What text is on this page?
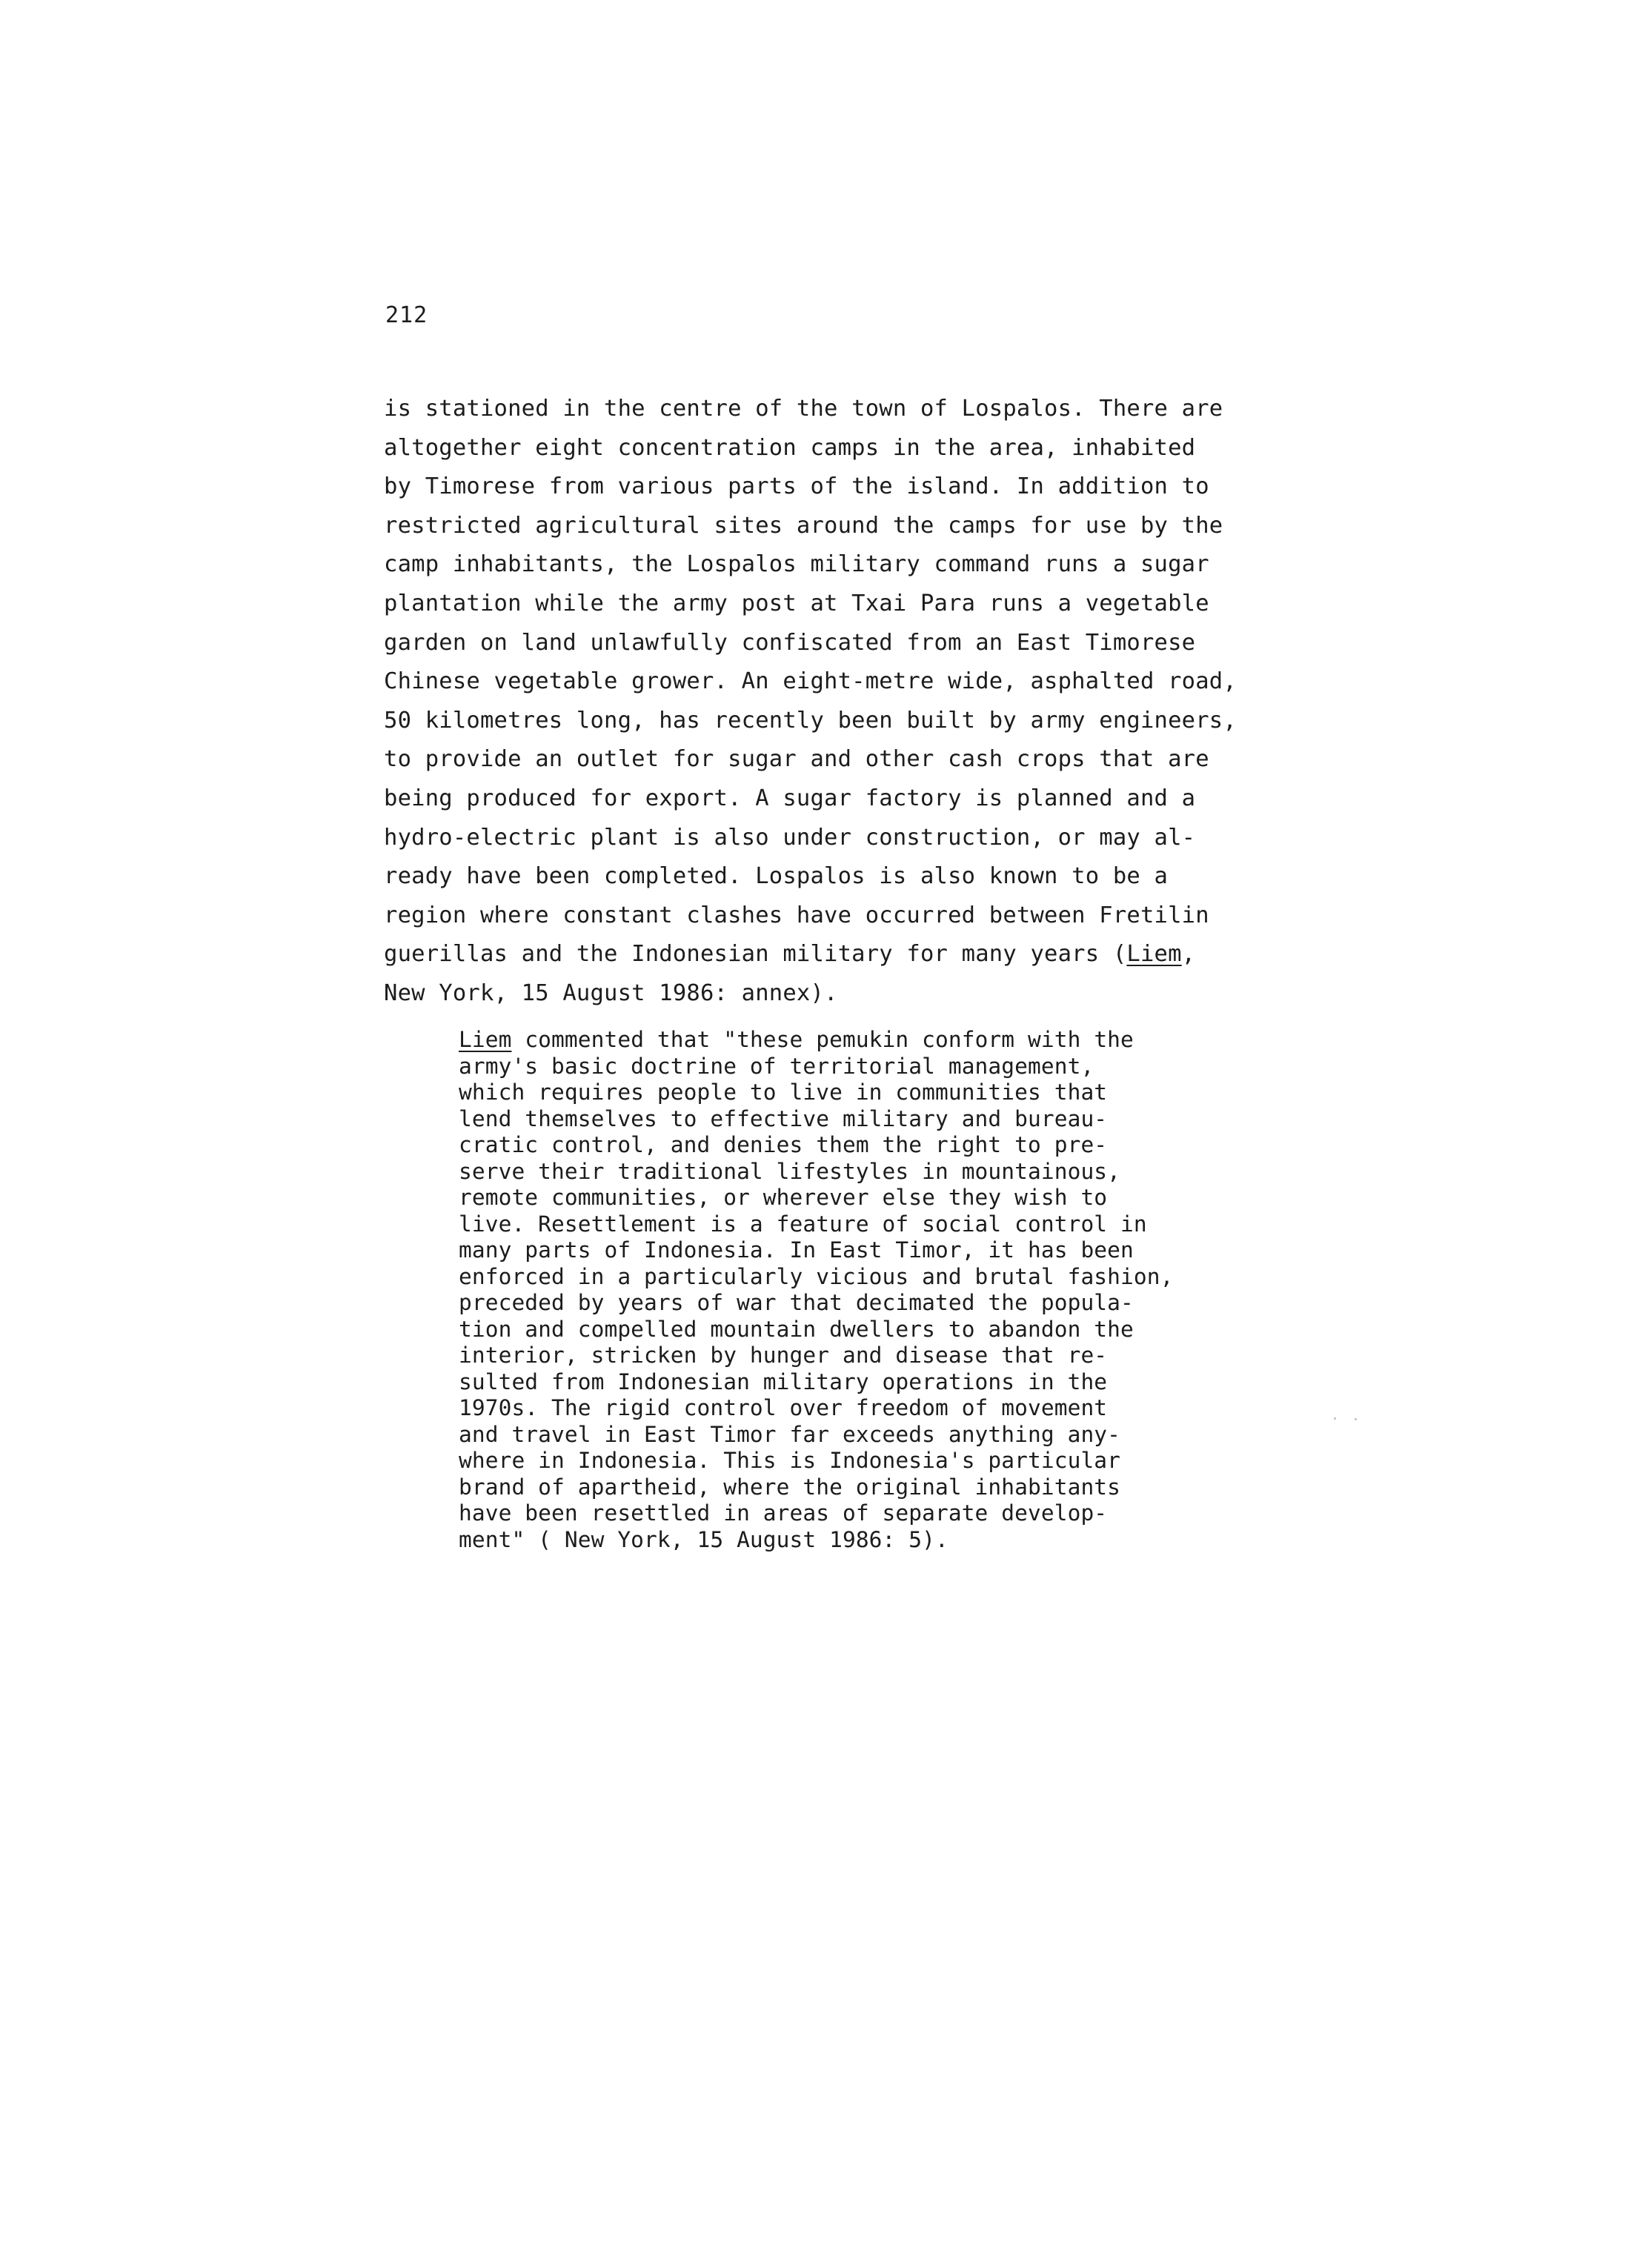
212
is stationed in the centre of the town of Lospalos. There are
altogether eight concentration camps in the area, inhabited
by Timorese from various parts of the island. In addition to
restricted agricultural sites around the camps for use by the
camp inhabitants, the Lospalos military command runs a sugar
plantation while the army post at Txai Para runs a vegetable
garden on land unlawfully confiscated from an East Timorese
Chinese vegetable grower. An eight-metre wide, asphalted road,
50 kilometres long, has recently been built by army engineers,
to provide an outlet for sugar and other cash crops that are
being produced for export. A sugar factory is planned and a
hydro-electric plant is also under construction, or may al-
ready have been completed. Lospalos is also known to be a
region where constant clashes have occurred between Fretilin
guerillas and the Indonesian military for many years (Liem,
New York, 15 August 1986: annex).
Liem commented that "these pemukin conform with the
army's basic doctrine of territorial management,
which requires people to live in communities that
lend themselves to effective military and bureau-
cratic control, and denies them the right to pre-
serve their traditional lifestyles in mountainous,
remote communities, or wherever else they wish to
live. Resettlement is a feature of social control in
many parts of Indonesia. In East Timor, it has been
enforced in a particularly vicious and brutal fashion,
preceded by years of war that decimated the popula-
tion and compelled mountain dwellers to abandon the
interior, stricken by hunger and disease that re-
sulted from Indonesian military operations in the
1970s. The rigid control over freedom of movement
and travel in East Timor far exceeds anything any-
where in Indonesia. This is Indonesia's particular
brand of apartheid, where the original inhabitants
have been resettled in areas of separate develop-
ment" ( New York, 15 August 1986: 5).
